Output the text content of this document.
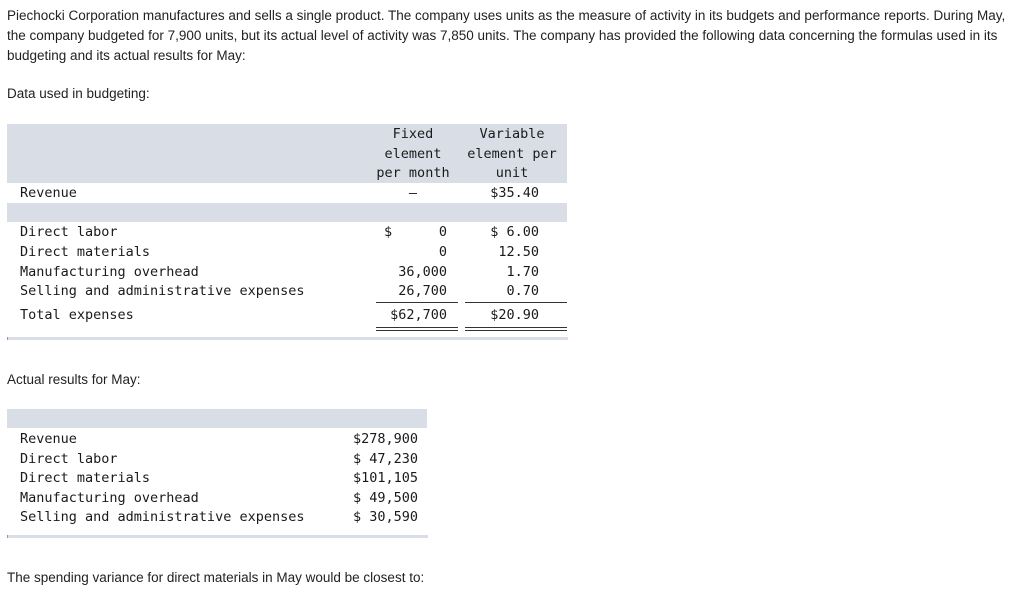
Piechocki Corporation manufactures and sells a single product. The company uses units as the measure of activity in its budgets and performance reports. During May, the company budgeted for 7,900 units, but its actual level of activity was 7,850 units. The company has provided the following data concerning the formulas used in its budgeting and its actual results for May:

Data used in budgeting:

Fixed
element
per month
Variable
element per
unit
Revenue	–	$35.40
Direct labor	$	0	$ 6.00
Direct materials	0	12.50
Manufacturing overhead	36,000	1.70
Selling and administrative expenses	26,700	0.70
Total expenses	$62,700	$20.90

Actual results for May:

Revenue	$278,900
Direct labor	$ 47,230
Direct materials	$101,105
Manufacturing overhead	$ 49,500
Selling and administrative expenses	$ 30,590

The spending variance for direct materials in May would be closest to:
